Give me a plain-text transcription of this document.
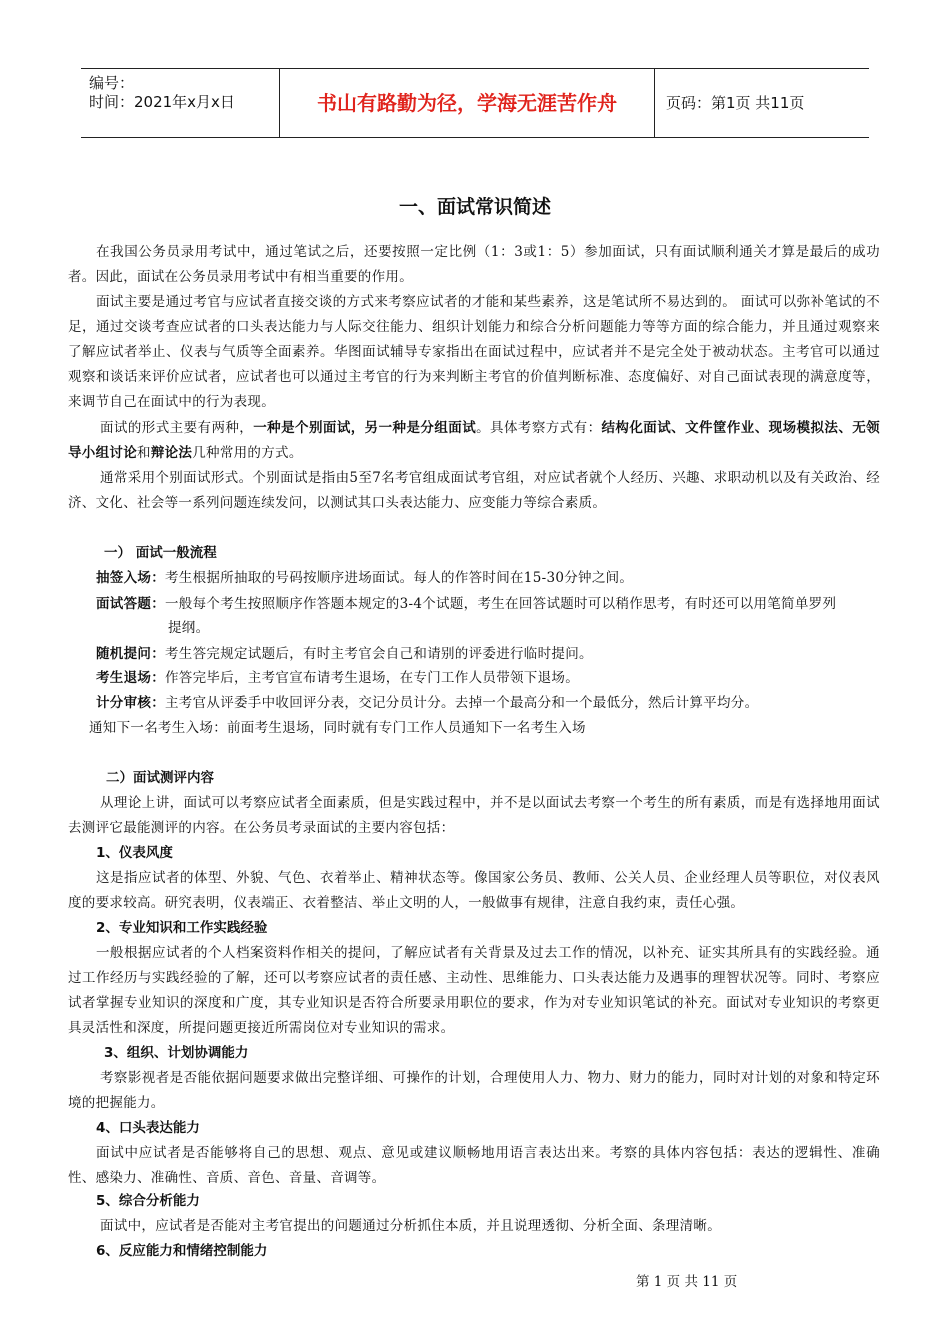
编号：
时间：2021年x月x日	书山有路勤为径，学海无涯苦作舟	页码：第1页 共11页
一、面试常识简述
在我国公务员录用考试中，通过笔试之后，还要按照一定比例（1：3或1：5）参加面试，只有面试顺利通关才算是最后的成功者。因此，面试在公务员录用考试中有相当重要的作用。
面试主要是通过考官与应试者直接交谈的方式来考察应试者的才能和某些素养，这是笔试所不易达到的。 面试可以弥补笔试的不足，通过交谈考查应试者的口头表达能力与人际交往能力、组织计划能力和综合分析问题能力等等方面的综合能力，并且通过观察来了解应试者举止、仪表与气质等全面素养。华图面试辅导专家指出在面试过程中，应试者并不是完全处于被动状态。主考官可以通过观察和谈话来评价应试者，应试者也可以通过主考官的行为来判断主考官的价值判断标准、态度偏好、对自己面试表现的满意度等，来调节自己在面试中的行为表现。
面试的形式主要有两种，一种是个别面试，另一种是分组面试。具体考察方式有：结构化面试、文件筐作业、现场模拟法、无领导小组讨论和辩论法几种常用的方式。
通常采用个别面试形式。个别面试是指由5至7名考官组成面试考官组，对应试者就个人经历、兴趣、求职动机以及有关政治、经济、文化、社会等一系列问题连续发问，以测试其口头表达能力、应变能力等综合素质。
一） 面试一般流程
抽签入场：考生根据所抽取的号码按顺序进场面试。每人的作答时间在15-30分钟之间。
面试答题：一般每个考生按照顺序作答题本规定的3-4个试题，考生在回答试题时可以稍作思考，有时还可以用笔简单罗列
提纲。
随机提问：考生答完规定试题后，有时主考官会自己和请别的评委进行临时提问。
考生退场：作答完毕后，主考官宣布请考生退场，在专门工作人员带领下退场。
计分审核：主考官从评委手中收回评分表，交记分员计分。去掉一个最高分和一个最低分，然后计算平均分。
通知下一名考生入场：前面考生退场，同时就有专门工作人员通知下一名考生入场
二）面试测评内容
从理论上讲，面试可以考察应试者全面素质，但是实践过程中，并不是以面试去考察一个考生的所有素质，而是有选择地用面试去测评它最能测评的内容。在公务员考录面试的主要内容包括：
1、仪表风度
这是指应试者的体型、外貌、气色、衣着举止、精神状态等。像国家公务员、教师、公关人员、企业经理人员等职位，对仪表风度的要求较高。研究表明，仪表端正、衣着整洁、举止文明的人，一般做事有规律，注意自我约束，责任心强。
2、专业知识和工作实践经验
一般根据应试者的个人档案资料作相关的提问，了解应试者有关背景及过去工作的情况，以补充、证实其所具有的实践经验。通过工作经历与实践经验的了解，还可以考察应试者的责任感、主动性、思维能力、口头表达能力及遇事的理智状况等。同时、考察应试者掌握专业知识的深度和广度，其专业知识是否符合所要录用职位的要求，作为对专业知识笔试的补充。面试对专业知识的考察更具灵活性和深度，所提问题更接近所需岗位对专业知识的需求。
3、组织、计划协调能力
考察影视者是否能依据问题要求做出完整详细、可操作的计划，合理使用人力、物力、财力的能力，同时对计划的对象和特定环境的把握能力。
4、口头表达能力
面试中应试者是否能够将自己的思想、观点、意见或建议顺畅地用语言表达出来。考察的具体内容包括：表达的逻辑性、准确性、感染力、准确性、音质、音色、音量、音调等。
5、综合分析能力
面试中，应试者是否能对主考官提出的问题通过分析抓住本质，并且说理透彻、分析全面、条理清晰。
6、反应能力和情绪控制能力
第 1 页 共 11 页
